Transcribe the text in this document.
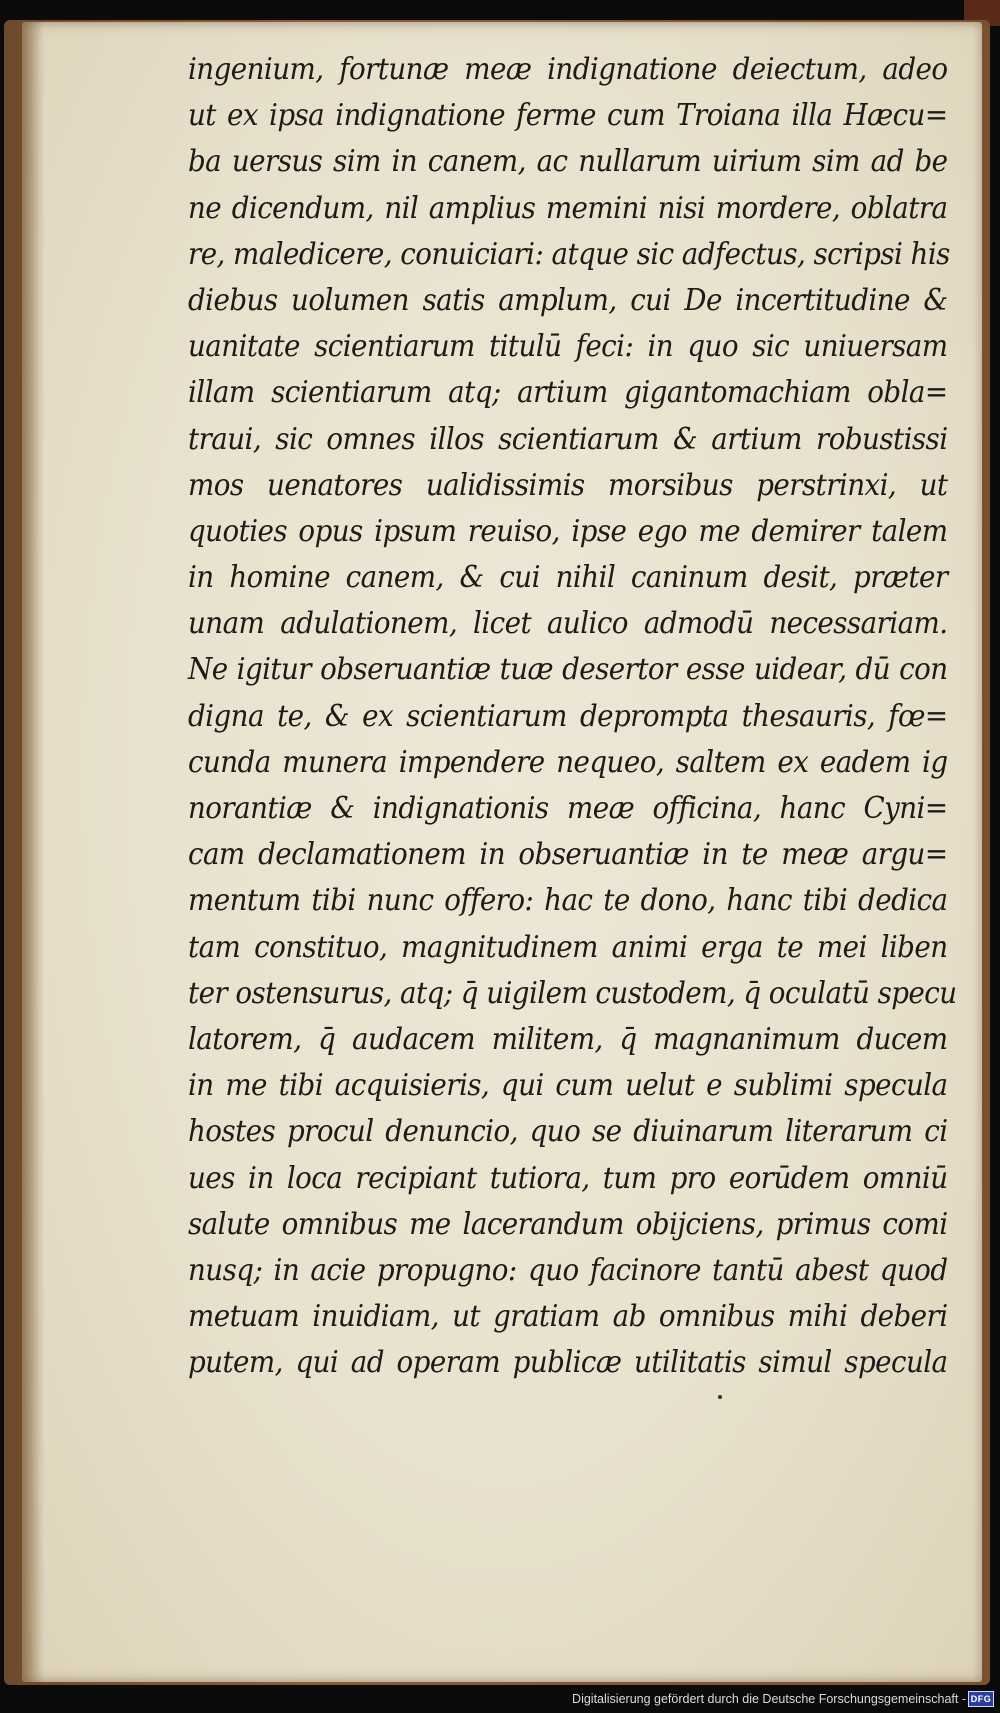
ingenium, fortunæ meæ indignatione deiectum, adeo
ut ex ipsa indignatione ferme cum Troiana illa Hæcu=
ba uersus sim in canem, ac nullarum uirium sim ad be
ne dicendum, nil amplius memini nisi mordere, oblatra
re, maledicere, conuiciari: atque sic adfectus, scripsi his
diebus uolumen satis amplum, cui De incertitudine &
uanitate scientiarum titulū feci: in quo sic uniuersam
illam scientiarum atq; artium gigantomachiam obla=
traui, sic omnes illos scientiarum & artium robustissi
mos uenatores ualidissimis morsibus perstrinxi, ut
quoties opus ipsum reuiso, ipse ego me demirer talem
in homine canem, & cui nihil caninum desit, præter
unam adulationem, licet aulico admodū necessariam.
Ne igitur obseruantiæ tuæ desertor esse uidear, dū con
digna te, & ex scientiarum deprompta thesauris, fœ=
cunda munera impendere nequeo, saltem ex eadem ig
norantiæ & indignationis meæ officina, hanc Cyni=
cam declamationem in obseruantiæ in te meæ argu=
mentum tibi nunc offero: hac te dono, hanc tibi dedica
tam constituo, magnitudinem animi erga te mei liben
ter ostensurus, atq; q̄ uigilem custodem, q̄ oculatū specu
latorem, q̄ audacem militem, q̄ magnanimum ducem
in me tibi acquisieris, qui cum uelut e sublimi specula
hostes procul denuncio, quo se diuinarum literarum ci
ues in loca recipiant tutiora, tum pro eorūdem omniū
salute omnibus me lacerandum obijciens, primus comi
nusq; in acie propugno: quo facinore tantū abest quod
metuam inuidiam, ut gratiam ab omnibus mihi deberi
putem, qui ad operam publicæ utilitatis simul specula
Digitalisierung gefördert durch die Deutsche Forschungsgemeinschaft - DFG
